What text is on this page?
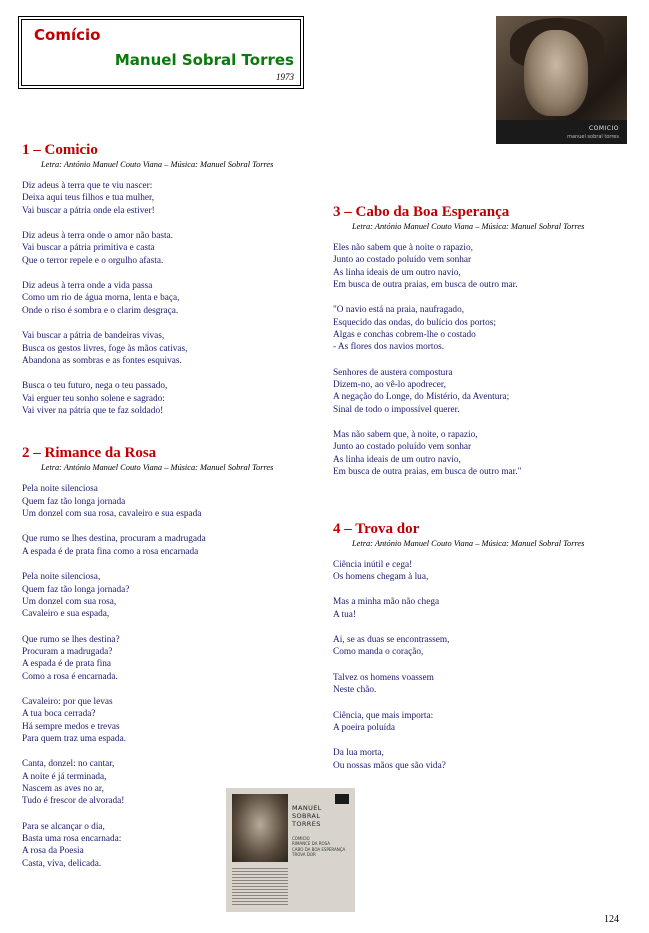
Comício
Manuel Sobral Torres
1973
COMICIO
manuel sobral torres
1 – Comicio
Letra: António Manuel Couto Viana – Música: Manuel Sobral Torres
Diz adeus à terra que te viu nascer:
Deixa aqui teus filhos e tua mulher,
Vai buscar a pátria onde ela estiver!
Diz adeus à terra onde o amor não basta.
Vai buscar a pátria primitiva e casta
Que o terror repele e o orgulho afasta.
Diz adeus à terra onde a vida passa
Como um rio de água morna, lenta e baça,
Onde o riso é sombra e o clarim desgraça.
Vai buscar a pátria de bandeiras vivas,
Busca os gestos livres, foge às mãos cativas,
Abandona as sombras e as fontes esquivas.
Busca o teu futuro, nega o teu passado,
Vai erguer teu sonho solene e sagrado:
Vai viver na pátria que te faz soldado!
2 – Rimance da Rosa
Letra: António Manuel Couto Viana – Música: Manuel Sobral Torres
Pela noite silenciosa
Quem faz tão longa jornada
Um donzel com sua rosa, cavaleiro e sua espada
Que rumo se lhes destina, procuram a madrugada
A espada é de prata fina como a rosa encarnada
Pela noite silenciosa,
Quem faz tão longa jornada?
Um donzel com sua rosa,
Cavaleiro e sua espada,
Que rumo se lhes destina?
Procuram a madrugada?
A espada é de prata fina
Como a rosa é encarnada.
Cavaleiro: por que levas
A tua boca cerrada?
Há sempre medos e trevas
Para quem traz uma espada.
Canta, donzel: no cantar,
A noite é já terminada,
Nascem as aves no ar,
Tudo é frescor de alvorada!
Para se alcançar o dia,
Basta uma rosa encarnada:
A rosa da Poesia
Casta, viva, delicada.
3 – Cabo da Boa Esperança
Letra: António Manuel Couto Viana – Música: Manuel Sobral Torres
Eles não sabem que à noite o rapazio,
Junto ao costado poluído vem sonhar
As linha ideais de um outro navio,
Em busca de outra praias, em busca de outro mar.
"O navio está na praia, naufragado,
Esquecido das ondas, do bulício dos portos;
Algas e conchas cobrem-lhe o costado
- As flores dos navios mortos.
Senhores de austera compostura
Dizem-no, ao vê-lo apodrecer,
A negação do Longe, do Mistério, da Aventura;
Sinal de todo o impossível querer.
Mas não sabem que, à noite, o rapazio,
Junto ao costado poluído vem sonhar
As linha ideais de um outro navio,
Em busca de outra praias, em busca de outro mar."
4 – Trova dor
Letra: António Manuel Couto Viana – Música: Manuel Sobral Torres
Ciência inútil e cega!
Os homens chegam à lua,
Mas a minha mão não chega
A tua!
Ai, se as duas se encontrassem,
Como manda o coração,
Talvez os homens voassem
Neste chão.
Ciência, que mais importa:
A poeira poluída
Da lua morta,
Ou nossas mãos que são vida?
MANUEL
SOBRAL
TORRES
COMICIO
RIMANCE DA ROSA
CABO DA BOA ESPERANÇA
TROVA DOR
124
